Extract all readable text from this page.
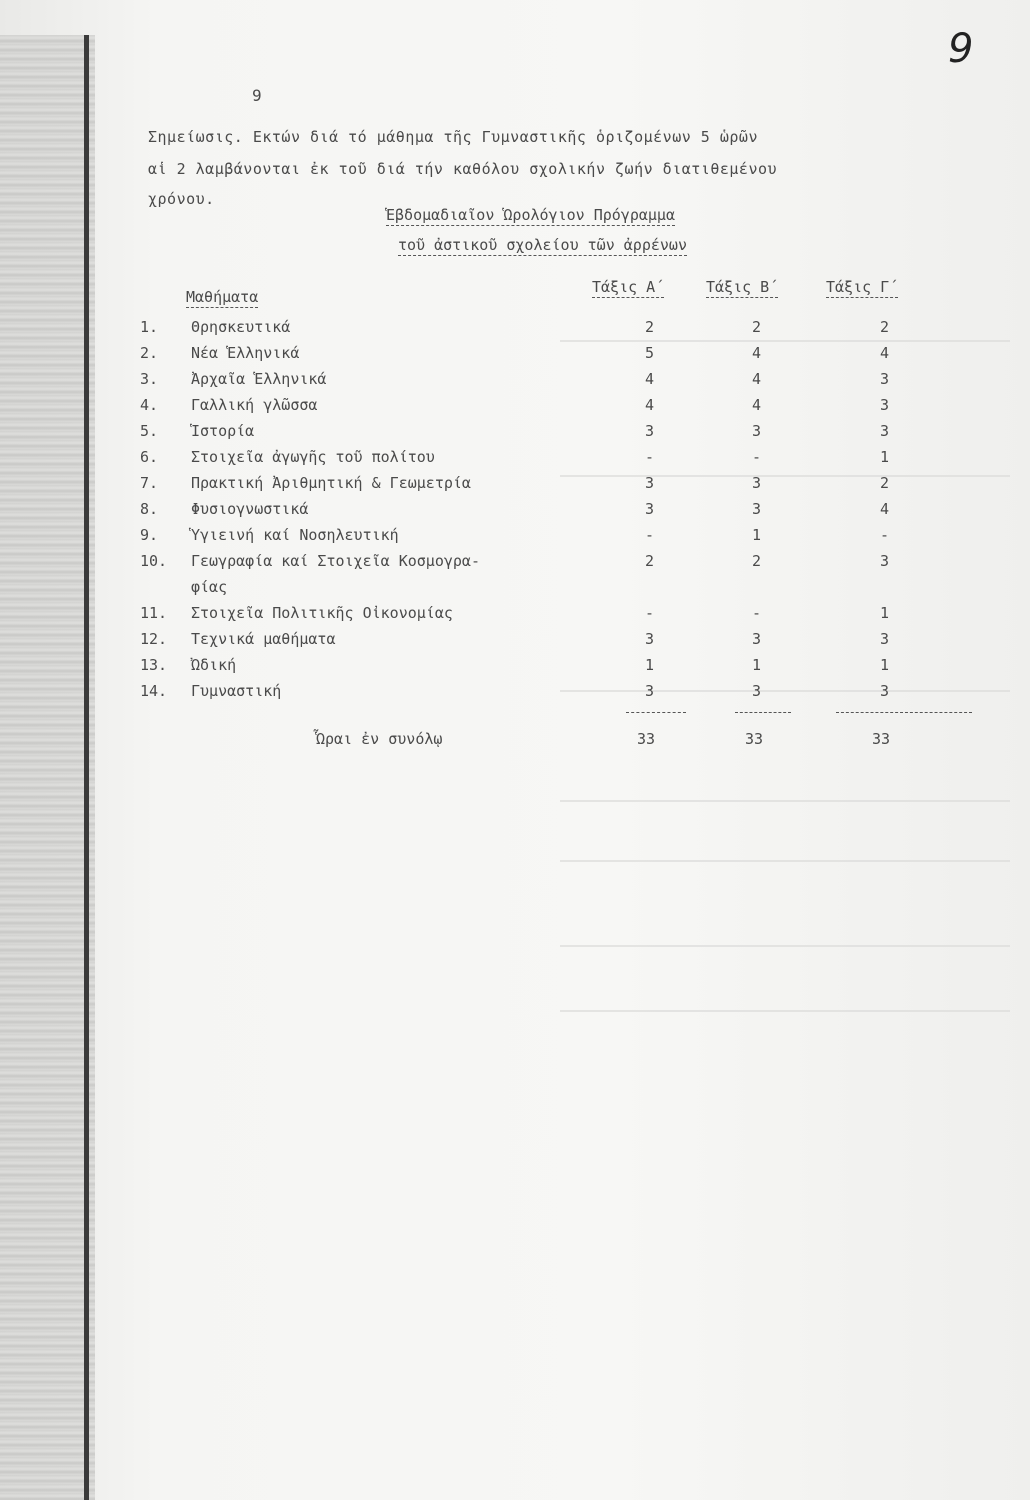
9
9
Σημείωσις. Εκτών διά τό μάθημα τῆς Γυμναστικῆς ὁριζομένων 5 ὡρῶν
αἱ 2 λαμβάνονται ἐκ τοῦ διά τήν καθόλου σχολικήν ζωήν διατιθεμένου
χρόνου.
Ἑβδομαδιαῖον Ὡρολόγιον Πρόγραμμα
τοῦ ἀστικοῦ σχολείου τῶν ἀρρένων
Μαθήματα
Τάξις Α΄	Τάξις Β΄	Τάξις Γ΄
1. Θρησκευτικά	2	2	2
2. Νέα Ἑλληνικά	5	4	4
3. Ἀρχαῖα Ἑλληνικά	4	4	3
4. Γαλλική γλῶσσα	4	4	3
5. Ἱστορία	3	3	3
6. Στοιχεῖα ἀγωγῆς τοῦ πολίτου	-	-	1
7. Πρακτική Ἀριθμητική & Γεωμετρία	3	3	2
8. Φυσιογνωστικά	3	3	4
9. Ὑγιεινή καί Νοσηλευτική	-	1	-
10. Γεωγραφία καί Στοιχεῖα Κοσμογρα-	2	2	3
φίας
11. Στοιχεῖα Πολιτικῆς Οἰκονομίας	-	-	1
12. Τεχνικά μαθήματα	3	3	3
13. Ὠδική	1	1	1
14. Γυμναστική	3	3	3
Ὧραι ἐν συνόλῳ	33	33	33
